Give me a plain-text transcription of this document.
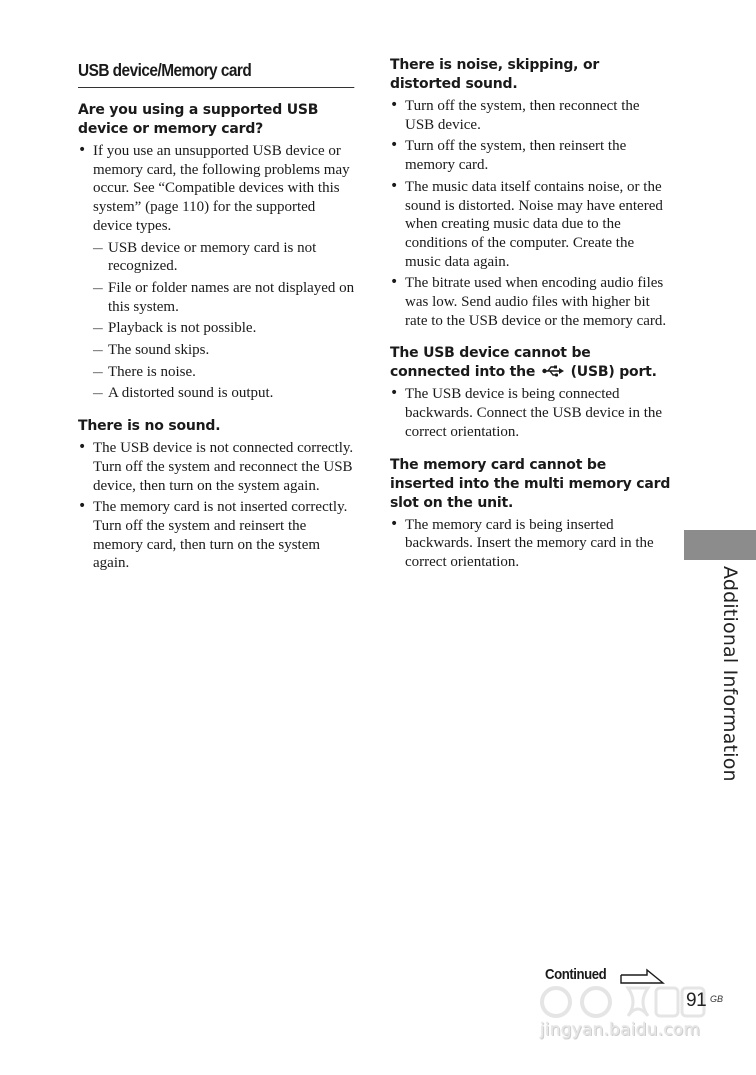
USB device/Memory card
Are you using a supported USB device or memory card?
• If you use an unsupported USB device or memory card, the following problems may occur. See “Compatible devices with this system” (page 110) for the supported device types.
— USB device or memory card is not recognized.
— File or folder names are not displayed on this system.
— Playback is not possible.
— The sound skips.
— There is noise.
— A distorted sound is output.
There is no sound.
• The USB device is not connected correctly. Turn off the system and reconnect the USB device, then turn on the system again.
• The memory card is not inserted correctly. Turn off the system and reinsert the memory card, then turn on the system again.
There is noise, skipping, or distorted sound.
• Turn off the system, then reconnect the USB device.
• Turn off the system, then reinsert the memory card.
• The music data itself contains noise, or the sound is distorted. Noise may have entered when creating music data due to the conditions of the computer. Create the music data again.
• The bitrate used when encoding audio files was low. Send audio files with higher bit rate to the USB device or the memory card.
The USB device cannot be connected into the	(USB) port.
• The USB device is being connected backwards. Connect the USB device in the correct orientation.
The memory card cannot be inserted into the multi memory card slot on the unit.
• The memory card is being inserted backwards. Insert the memory card in the correct orientation.
Additional Information
Continued
jingyan.baidu.com
91 GB
